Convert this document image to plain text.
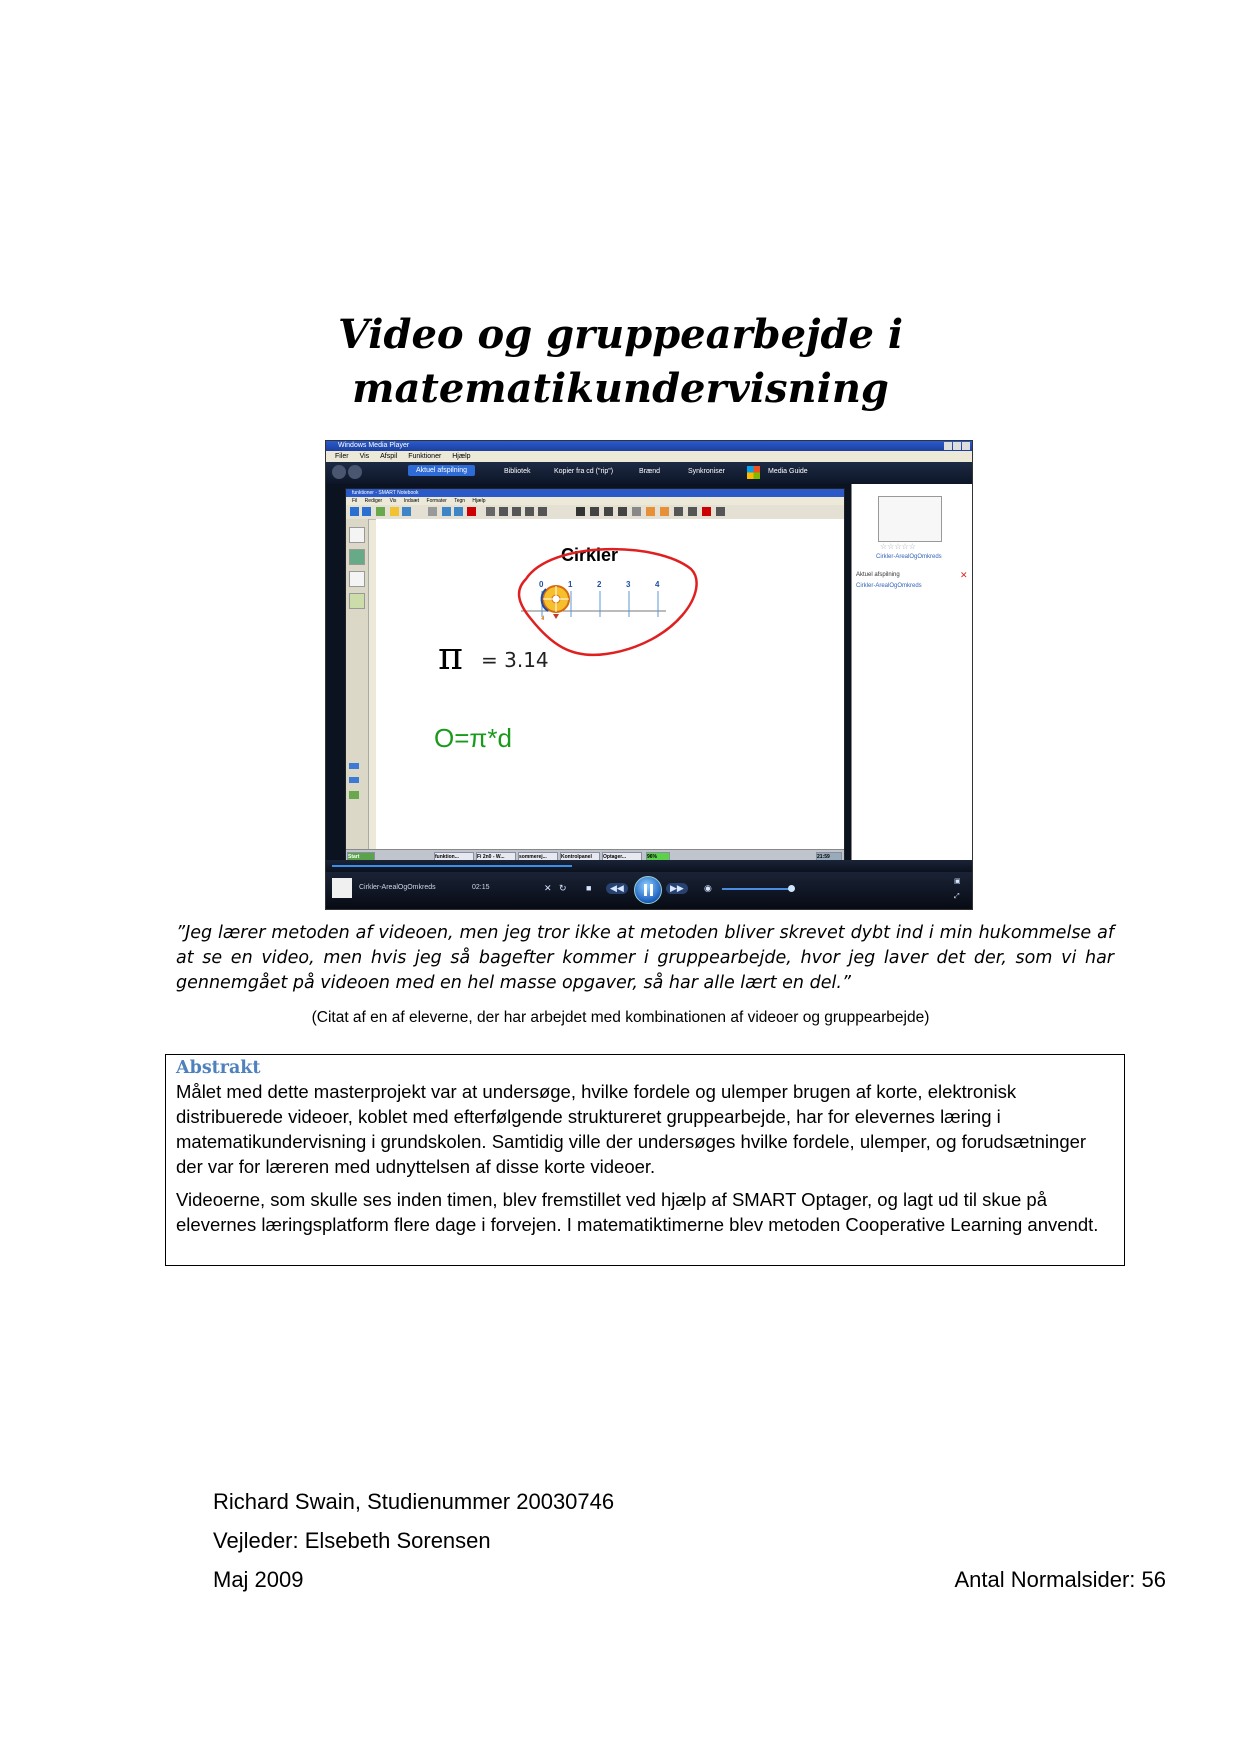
Video og gruppearbejde i
matematikundervisning
Windows Media Player
Filer Vis Afspil Funktioner Hjælp
Aktuel afspilning	Bibliotek	Kopier fra cd ("rip")	Brænd	Synkroniser	Media Guide
funktioner - SMART Notebook
Fil Rediger Vis Indsæt Formater Tegn Hjælp
Cirkler
0	1	2	3	4
π = 3.14
O=π*d
Start	funktion...	Fi 2n0 - W...	sommerej...	Kontrolpanel	Optager...	96%	21:59
☆☆☆☆☆
Cirkler-ArealOgOmkreds
Aktuel afspilning	✕
Cirkler-ArealOgOmkreds
Cirkler-ArealOgOmkreds	02:15	✕ ↻ ■	◀◀	▶▶	◉
▣
⤢
”Jeg lærer metoden af videoen, men jeg tror ikke at metoden bliver skrevet dybt ind i min hukommelse af at se en video, men hvis jeg så bagefter kommer i gruppearbejde, hvor jeg laver det der, som vi har gennemgået på videoen med en hel masse opgaver, så har alle lært en del.”
(Citat af en af eleverne, der har arbejdet med kombinationen af videoer og gruppearbejde)
Abstrakt

Målet med dette masterprojekt var at undersøge, hvilke fordele og ulemper brugen af korte, elektronisk distribuerede videoer, koblet med efterfølgende struktureret gruppearbejde, har for elevernes læring i matematikundervisning i grundskolen. Samtidig ville der undersøges hvilke fordele, ulemper, og forudsætninger der var for læreren med udnyttelsen af disse korte videoer.

Videoerne, som skulle ses inden timen, blev fremstillet ved hjælp af SMART Optager, og lagt ud til skue på elevernes læringsplatform flere dage i forvejen. I matematiktimerne blev metoden Cooperative Learning anvendt.

Richard Swain, Studienummer 20030746
Vejleder: Elsebeth Sorensen
Maj 2009	Antal Normalsider: 56
